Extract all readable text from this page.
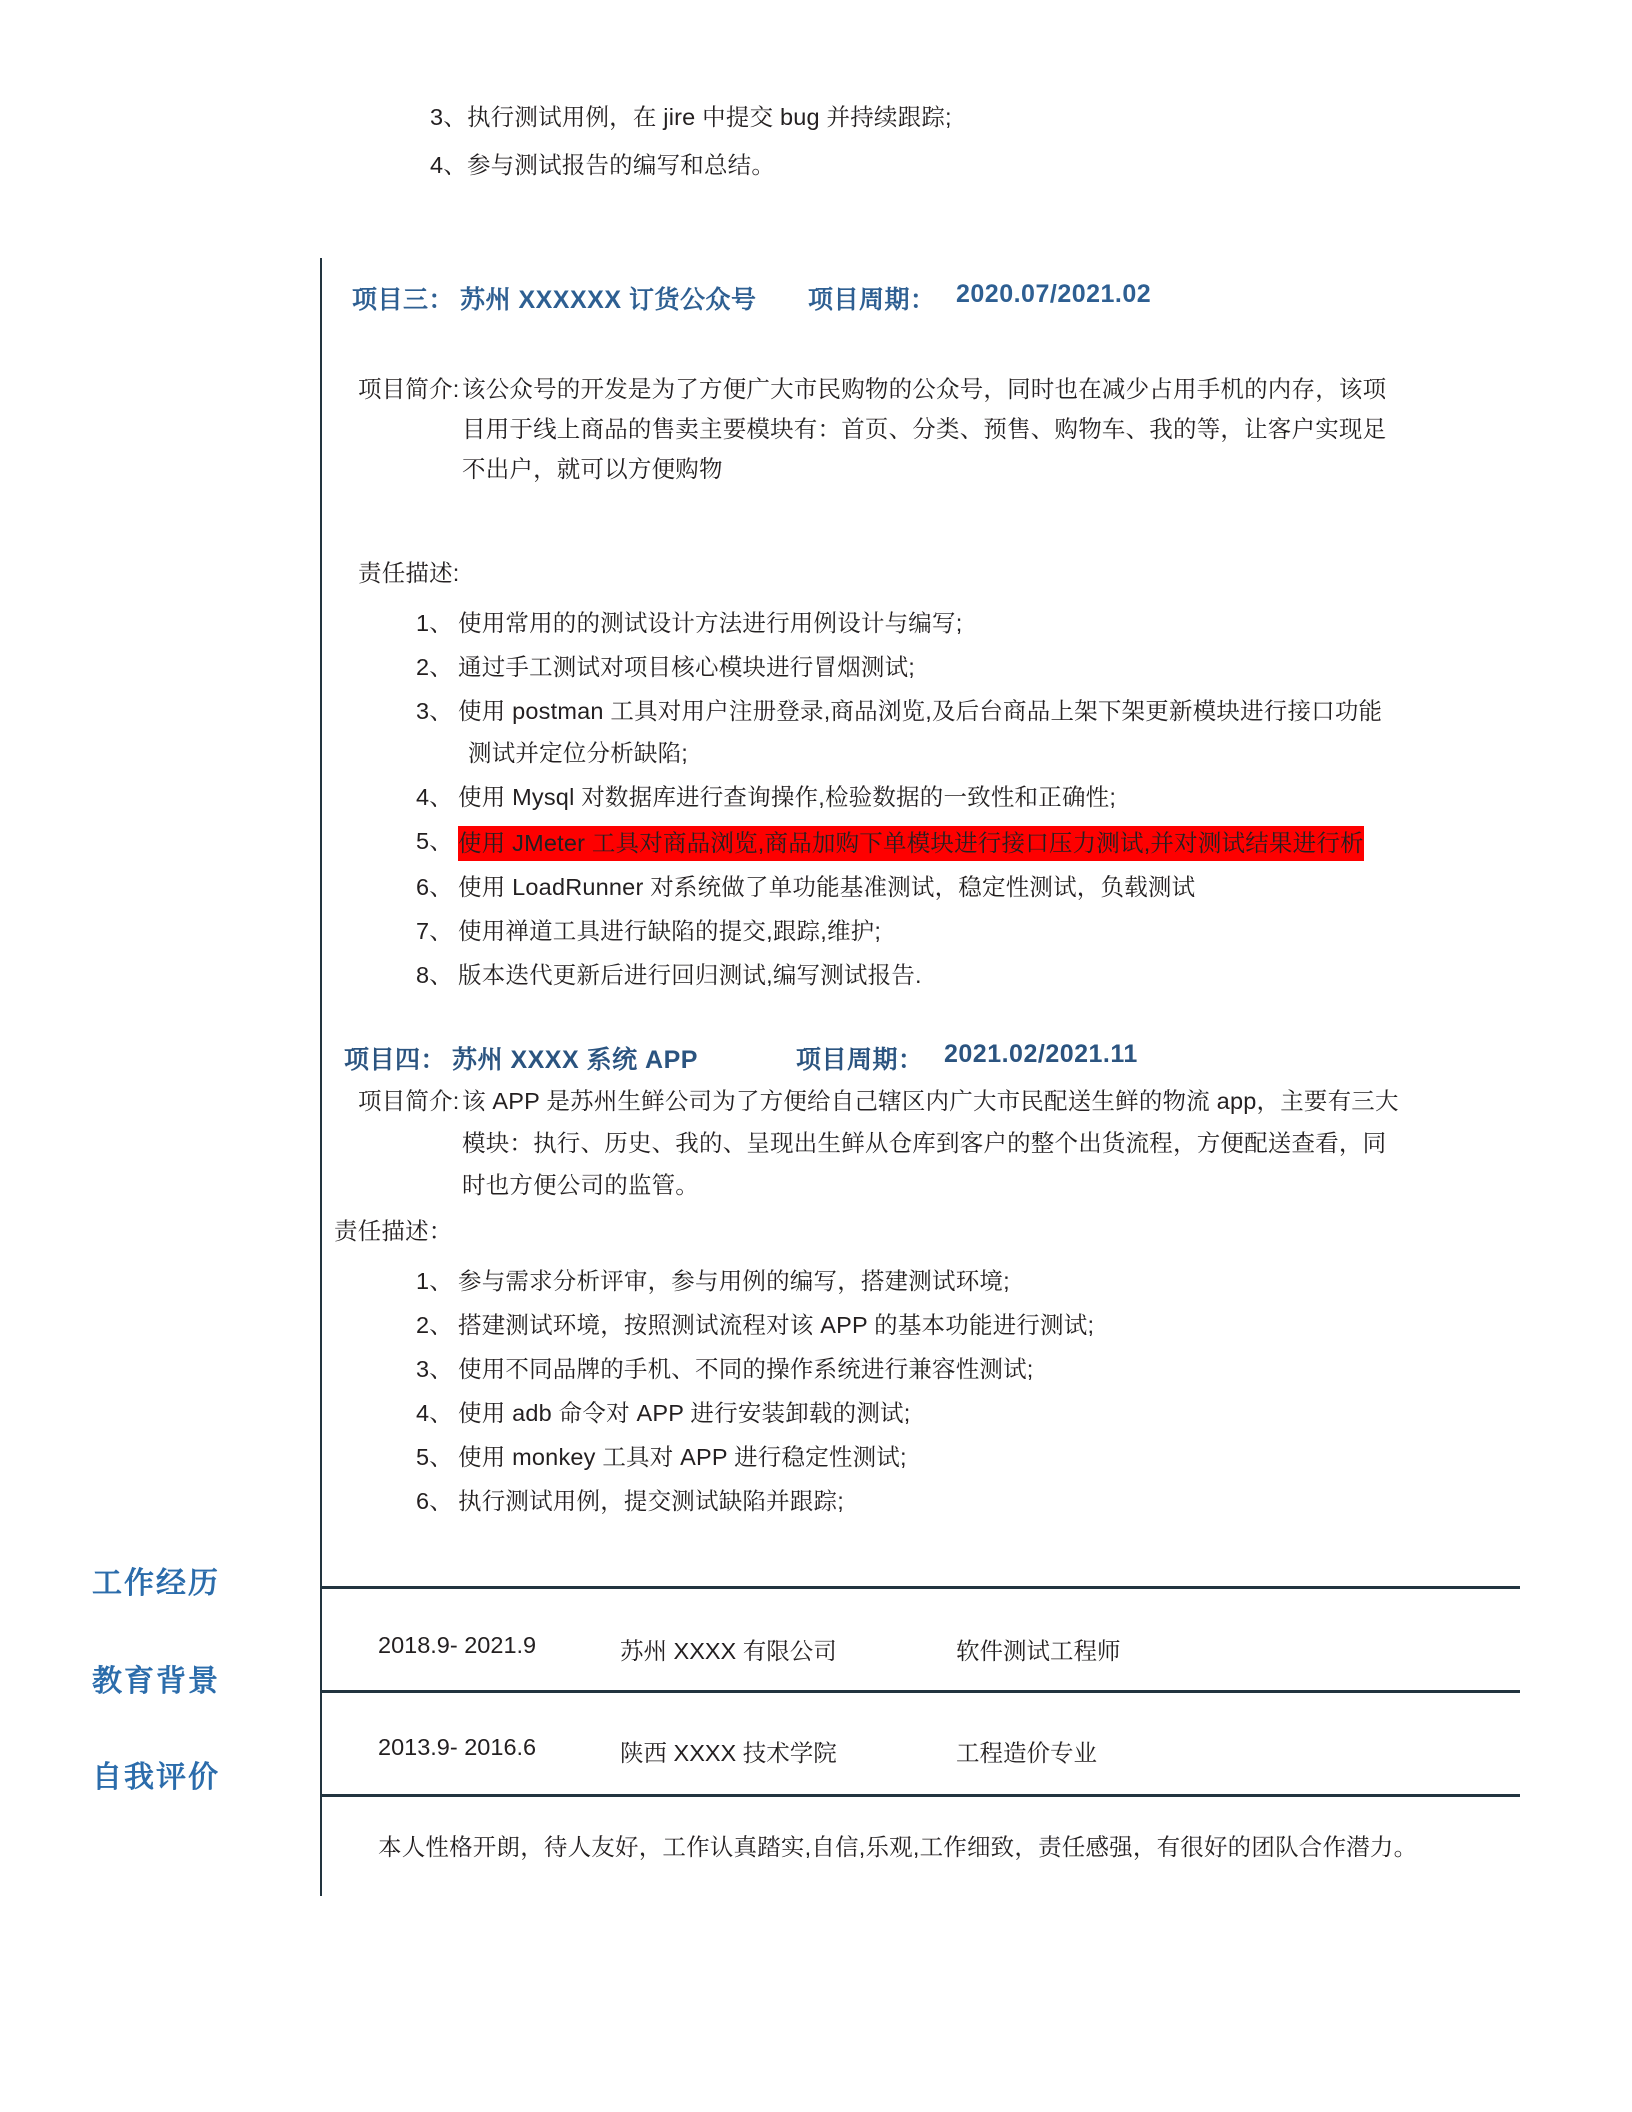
工作经历
教育背景
自我评价
3、执行测试用例，在 jire 中提交 bug 并持续跟踪;
4、参与测试报告的编写和总结。
项目三： 苏州 XXXXXX 订货公众号 项目周期： 2020.07/2021.02
项目简介: 该公众号的开发是为了方便广大市民购物的公众号，同时也在减少占用手机的内存，该项
目用于线上商品的售卖主要模块有：首页、分类、预售、购物车、我的等，让客户实现足
不出户，就可以方便购物
责任描述:
1、 使用常用的的测试设计方法进行用例设计与编写;
2、 通过手工测试对项目核心模块进行冒烟测试;
3、 使用 postman 工具对用户注册登录,商品浏览,及后台商品上架下架更新模块进行接口功能
测试并定位分析缺陷;
4、 使用 Mysql 对数据库进行查询操作,检验数据的一致性和正确性;
5、 使用 JMeter 工具对商品浏览,商品加购下单模块进行接口压力测试,并对测试结果进行析
6、 使用 LoadRunner 对系统做了单功能基准测试，稳定性测试，负载测试
7、 使用禅道工具进行缺陷的提交,跟踪,维护;
8、 版本迭代更新后进行回归测试,编写测试报告.
项目四： 苏州 XXXX 系统 APP	项目周期： 2021.02/2021.11
项目简介: 该 APP 是苏州生鲜公司为了方便给自己辖区内广大市民配送生鲜的物流 app，主要有三大
模块：执行、历史、我的、呈现出生鲜从仓库到客户的整个出货流程，方便配送查看，同
时也方便公司的监管。
责任描述：
1、 参与需求分析评审，参与用例的编写，搭建测试环境;
2、 搭建测试环境，按照测试流程对该 APP 的基本功能进行测试;
3、 使用不同品牌的手机、不同的操作系统进行兼容性测试;
4、 使用 adb 命令对 APP 进行安装卸载的测试;
5、 使用 monkey 工具对 APP 进行稳定性测试;
6、 执行测试用例，提交测试缺陷并跟踪;
2018.9- 2021.9	苏州 XXXX 有限公司	软件测试工程师
2013.9- 2016.6	陕西 XXXX 技术学院	工程造价专业
本人性格开朗，待人友好，工作认真踏实,自信,乐观,工作细致，责任感强，有很好的团队合作潜力。
